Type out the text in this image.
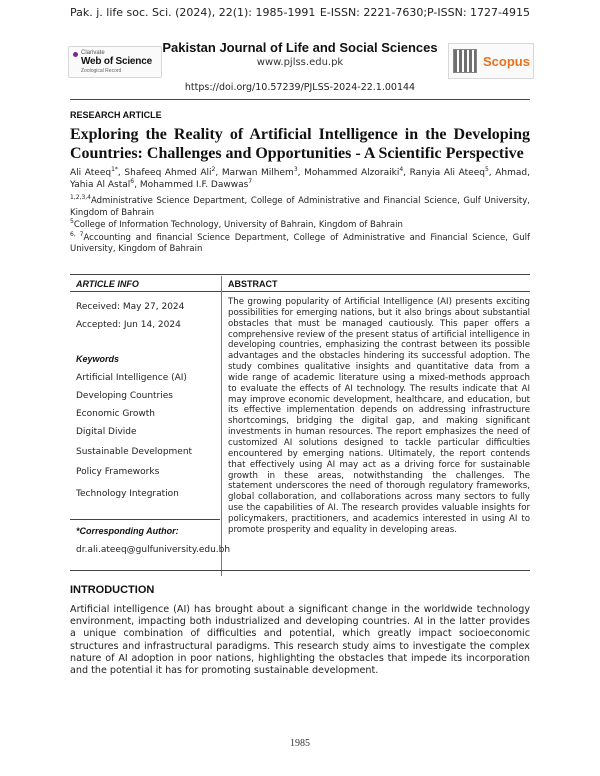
Pak. j. life soc. Sci. (2024), 22(1): 1985-1991 E-ISSN: 2221-7630;P-ISSN: 1727-4915
Clarivate
Web of Science
Zoological Record
Pakistan Journal of Life and Social Sciences
www.pjlss.edu.pk	Scopus
https://doi.org/10.57239/PJLSS-2024-22.1.00144
RESEARCH ARTICLE
Exploring the Reality of Artificial Intelligence in the Developing Countries: Challenges and Opportunities - A Scientific Perspective
Ali Ateeq$^{1*}$, Shafeeq Ahmed Ali$^2$, Marwan Milhem$^3$, Mohammed Alzoraiki$^4$, Ranyia Ali Ateeq$^5$, Ahmad, Yahia Al Astal$^6$, Mohammed I.F. Dawwas$^7$

$^{1,2,3,4}$Administrative Science Department, College of Administrative and Financial Science, Gulf University, Kingdom of Bahrain

$^5$College of Information Technology, University of Bahrain, Kingdom of Bahrain

$^{6, 7}$Accounting and financial Science Department, College of Administrative and Financial Science, Gulf University, Kingdom of Bahrain

ARTICLE INFO	ABSTRACT
Received: May 27, 2024
Accepted: Jun 14, 2024
Keywords
Artificial Intelligence (AI)
Developing Countries
Economic Growth
Digital Divide
Sustainable Development
Policy Frameworks
Technology Integration
*Corresponding Author:
dr.ali.ateeq@gulfuniversity.edu.bh
The growing popularity of Artificial Intelligence (AI) presents exciting possibilities for emerging nations, but it also brings about substantial obstacles that must be managed cautiously. This paper offers a comprehensive review of the present status of artificial intelligence in developing countries, emphasizing the contrast between its possible advantages and the obstacles hindering its successful adoption. The study combines qualitative insights and quantitative data from a wide range of academic literature using a mixed-methods approach to evaluate the effects of AI technology. The results indicate that AI may improve economic development, healthcare, and education, but its effective implementation depends on addressing infrastructure shortcomings, bridging the digital gap, and making significant investments in human resources. The report emphasizes the need of customized AI solutions designed to tackle particular difficulties encountered by emerging nations. Ultimately, the report contends that effectively using AI may act as a driving force for sustainable growth in these areas, notwithstanding the challenges. The statement underscores the need of thorough regulatory frameworks, global collaboration, and collaborations across many sectors to fully use the capabilities of AI. The research provides valuable insights for policymakers, practitioners, and academics interested in using AI to promote prosperity and equality in developing areas.
INTRODUCTION
Artificial intelligence (AI) has brought about a significant change in the worldwide technology environment, impacting both industrialized and developing countries. AI in the latter provides a unique combination of difficulties and potential, which greatly impact socioeconomic structures and infrastructural paradigms. This research study aims to investigate the complex nature of AI adoption in poor nations, highlighting the obstacles that impede its incorporation and the potential it has for promoting sustainable development.
1985
